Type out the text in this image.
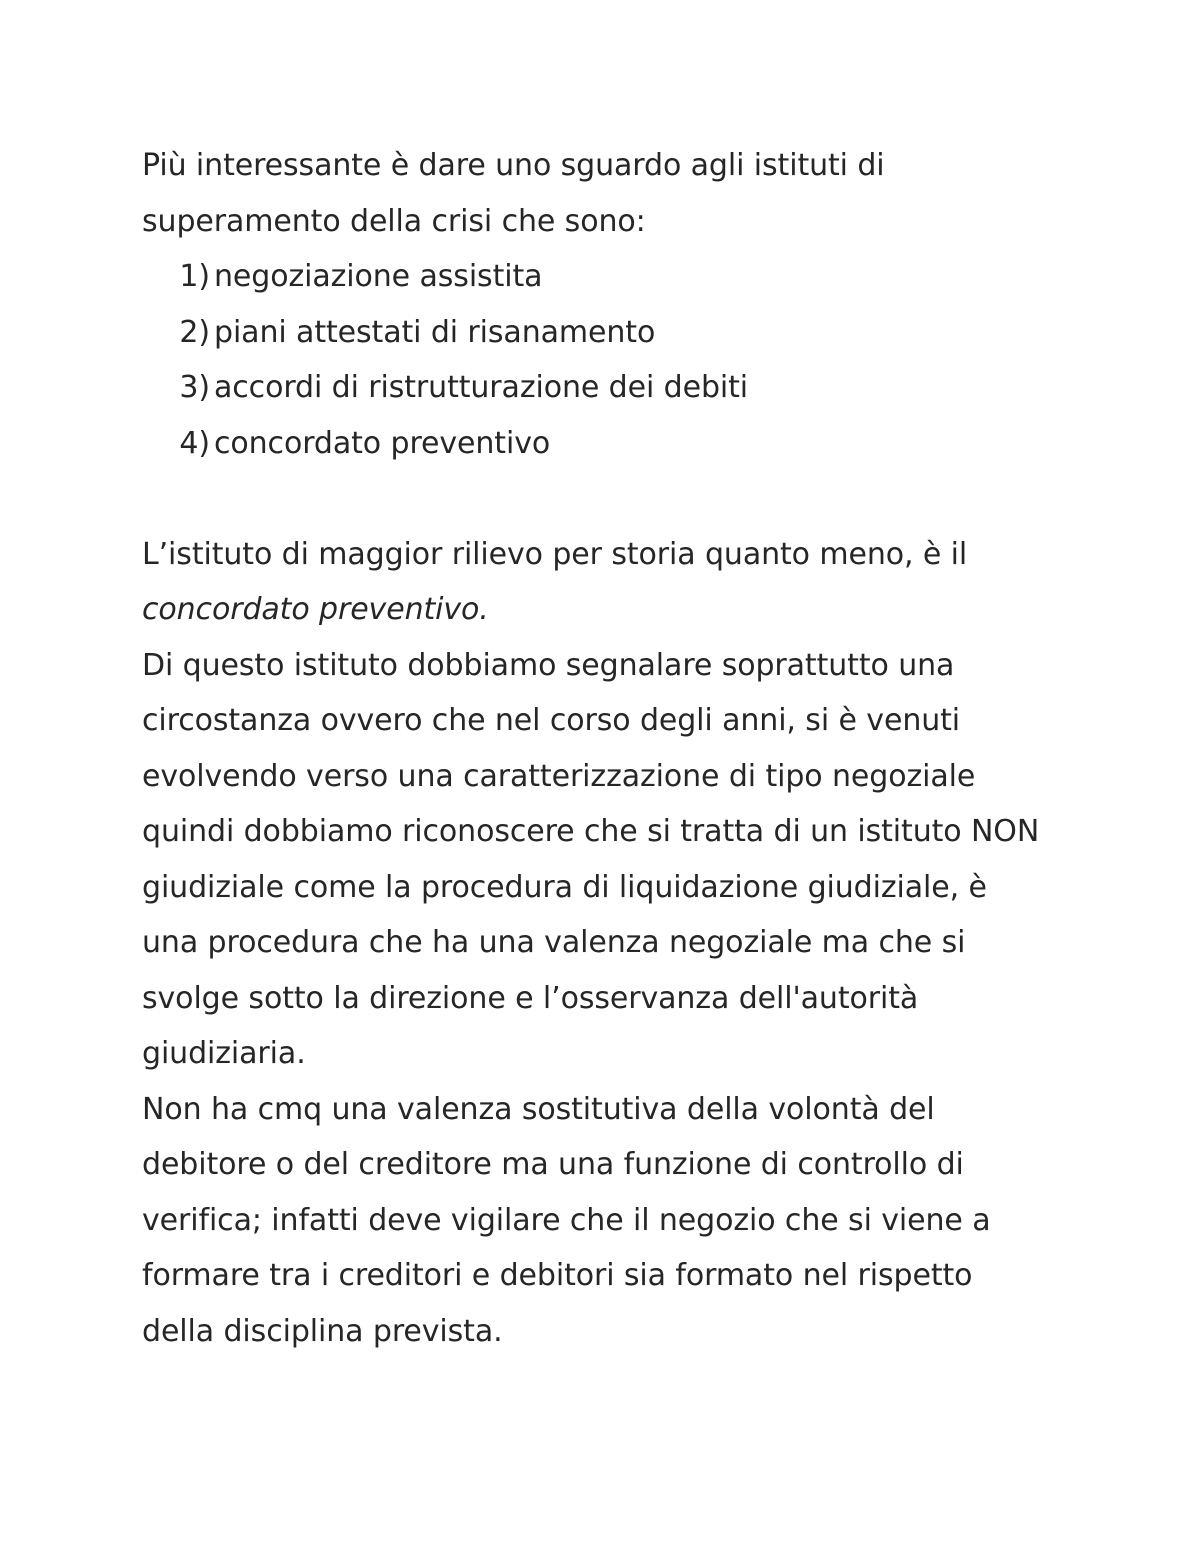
Più interessante è dare uno sguardo agli istituti di superamento della crisi che sono:

1) negoziazione assistita
2) piani attestati di risanamento
3) accordi di ristrutturazione dei debiti
4) concordato preventivo

L’istituto di maggior rilievo per storia quanto meno, è il concordato preventivo.

Di questo istituto dobbiamo segnalare soprattutto una circostanza ovvero che nel corso degli anni, si è venuti evolvendo verso una caratterizzazione di tipo negoziale quindi dobbiamo riconoscere che si tratta di un istituto NON giudiziale come la procedura di liquidazione giudiziale, è una procedura che ha una valenza negoziale ma che si svolge sotto la direzione e l’osservanza dell'autorità giudiziaria.

Non ha cmq una valenza sostitutiva della volontà del debitore o del creditore ma una funzione di controllo di verifica; infatti deve vigilare che il negozio che si viene a formare tra i creditori e debitori sia formato nel rispetto della disciplina prevista.
